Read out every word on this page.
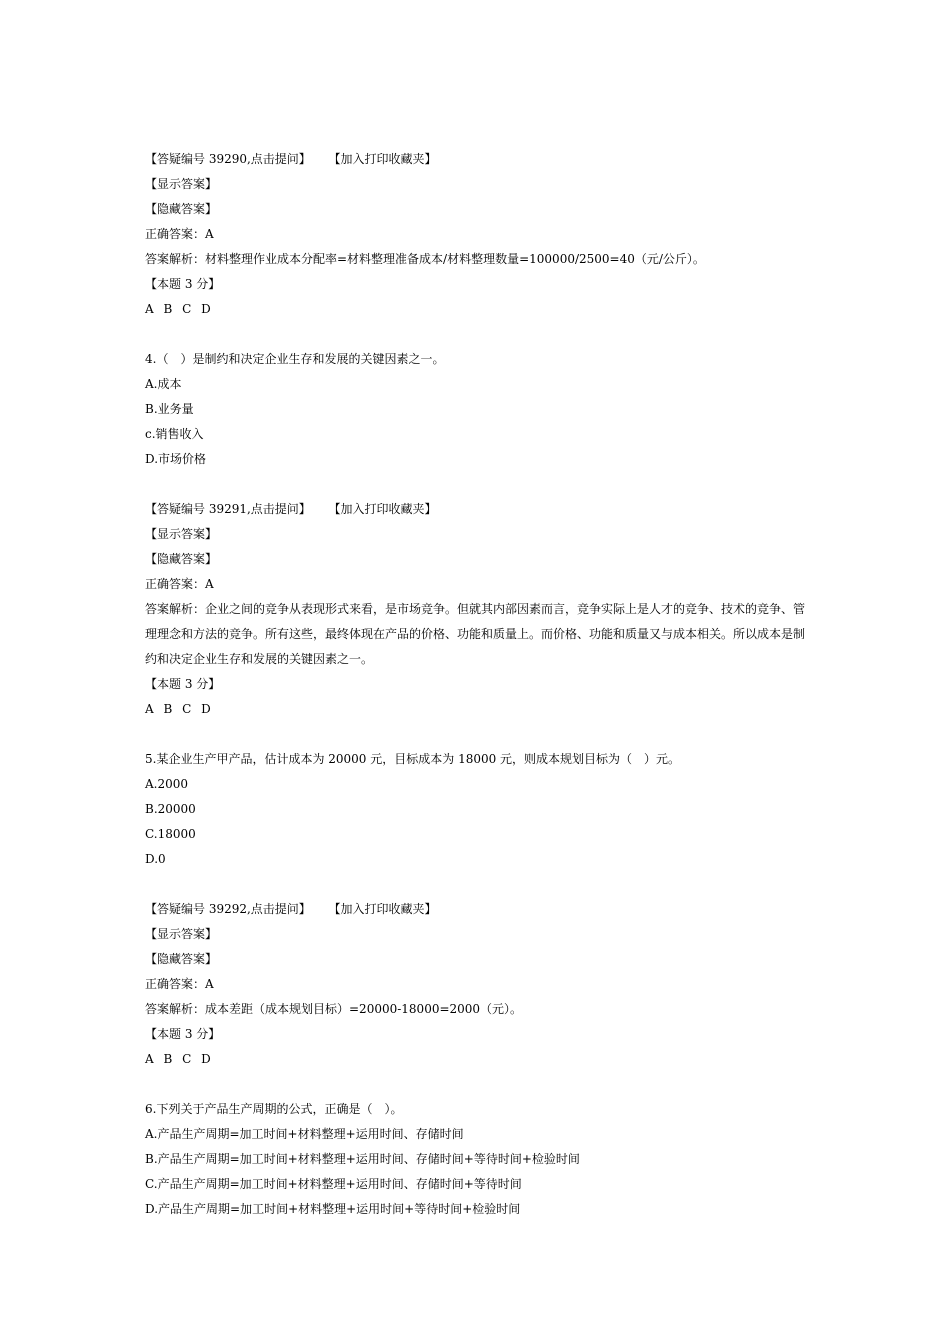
【答疑编号 39290,点击提问】 【加入打印收藏夹】
【显示答案】
【隐藏答案】
正确答案：A
答案解析：材料整理作业成本分配率=材料整理准备成本/材料整理数量=100000/2500=40（元/公斤）。
【本题 3 分】
A B C D
4.（　）是制约和决定企业生存和发展的关键因素之一。
A.成本
B.业务量
c.销售收入
D.市场价格
【答疑编号 39291,点击提问】 【加入打印收藏夹】
【显示答案】
【隐藏答案】
正确答案：A
答案解析：企业之间的竞争从表现形式来看，是市场竞争。但就其内部因素而言，竞争实际上是人才的竞争、技术的竞争、管理理念和方法的竞争。所有这些，最终体现在产品的价格、功能和质量上。而价格、功能和质量又与成本相关。所以成本是制约和决定企业生存和发展的关键因素之一。
【本题 3 分】
A B C D
5.某企业生产甲产品，估计成本为 20000 元，目标成本为 18000 元，则成本规划目标为（　）元。
A.2000
B.20000
C.18000
D.0
【答疑编号 39292,点击提问】 【加入打印收藏夹】
【显示答案】
【隐藏答案】
正确答案：A
答案解析：成本差距（成本规划目标）=20000-18000=2000（元）。
【本题 3 分】
A B C D
6.下列关于产品生产周期的公式，正确是（　）。
A.产品生产周期=加工时间+材料整理+运用时间、存储时间
B.产品生产周期=加工时间+材料整理+运用时间、存储时间+等待时间+检验时间
C.产品生产周期=加工时间+材料整理+运用时间、存储时间+等待时间
D.产品生产周期=加工时间+材料整理+运用时间+等待时间+检验时间
